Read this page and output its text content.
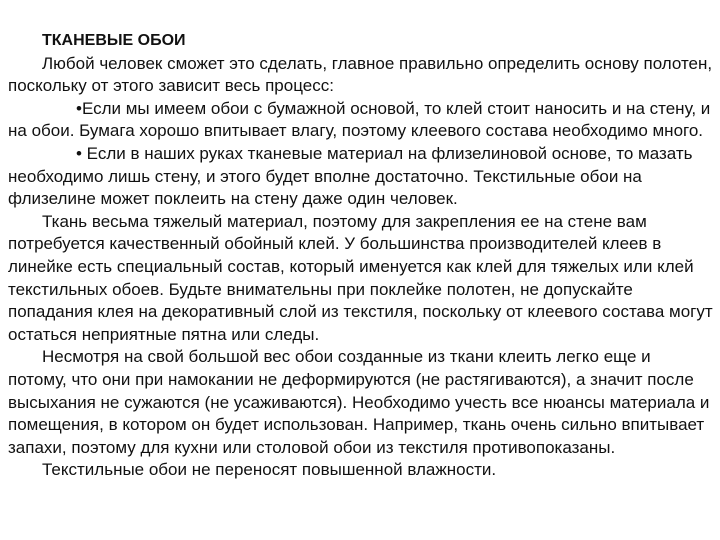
ТКАНЕВЫЕ ОБОИ

Любой человек сможет это сделать, главное правильно определить основу полотен, поскольку от этого зависит весь процесс:

•Если мы имеем обои с бумажной основой, то клей стоит наносить и на стену, и на обои. Бумага хорошо впитывает влагу, поэтому клеевого состава необходимо много.

• Если в наших руках тканевые материал на флизелиновой основе, то мазать необходимо лишь стену, и этого будет вполне достаточно. Текстильные обои на флизелине может поклеить на стену даже один человек.

Ткань весьма тяжелый материал, поэтому для закрепления ее на стене вам потребуется качественный обойный клей. У большинства производителей клеев в линейке есть специальный состав, который именуется как клей для тяжелых или клей текстильных обоев. Будьте внимательны при поклейке полотен, не допускайте попадания клея на декоративный слой из текстиля, поскольку от клеевого состава могут остаться неприятные пятна или следы.

Несмотря на свой большой вес обои созданные из ткани клеить легко еще и потому, что они при намокании не деформируются (не растягиваются), а значит после высыхания не сужаются (не усаживаются). Необходимо учесть все нюансы материала и помещения, в котором он будет использован. Например, ткань очень сильно впитывает запахи, поэтому для кухни или столовой обои из текстиля противопоказаны.

Текстильные обои не переносят повышенной влажности.
